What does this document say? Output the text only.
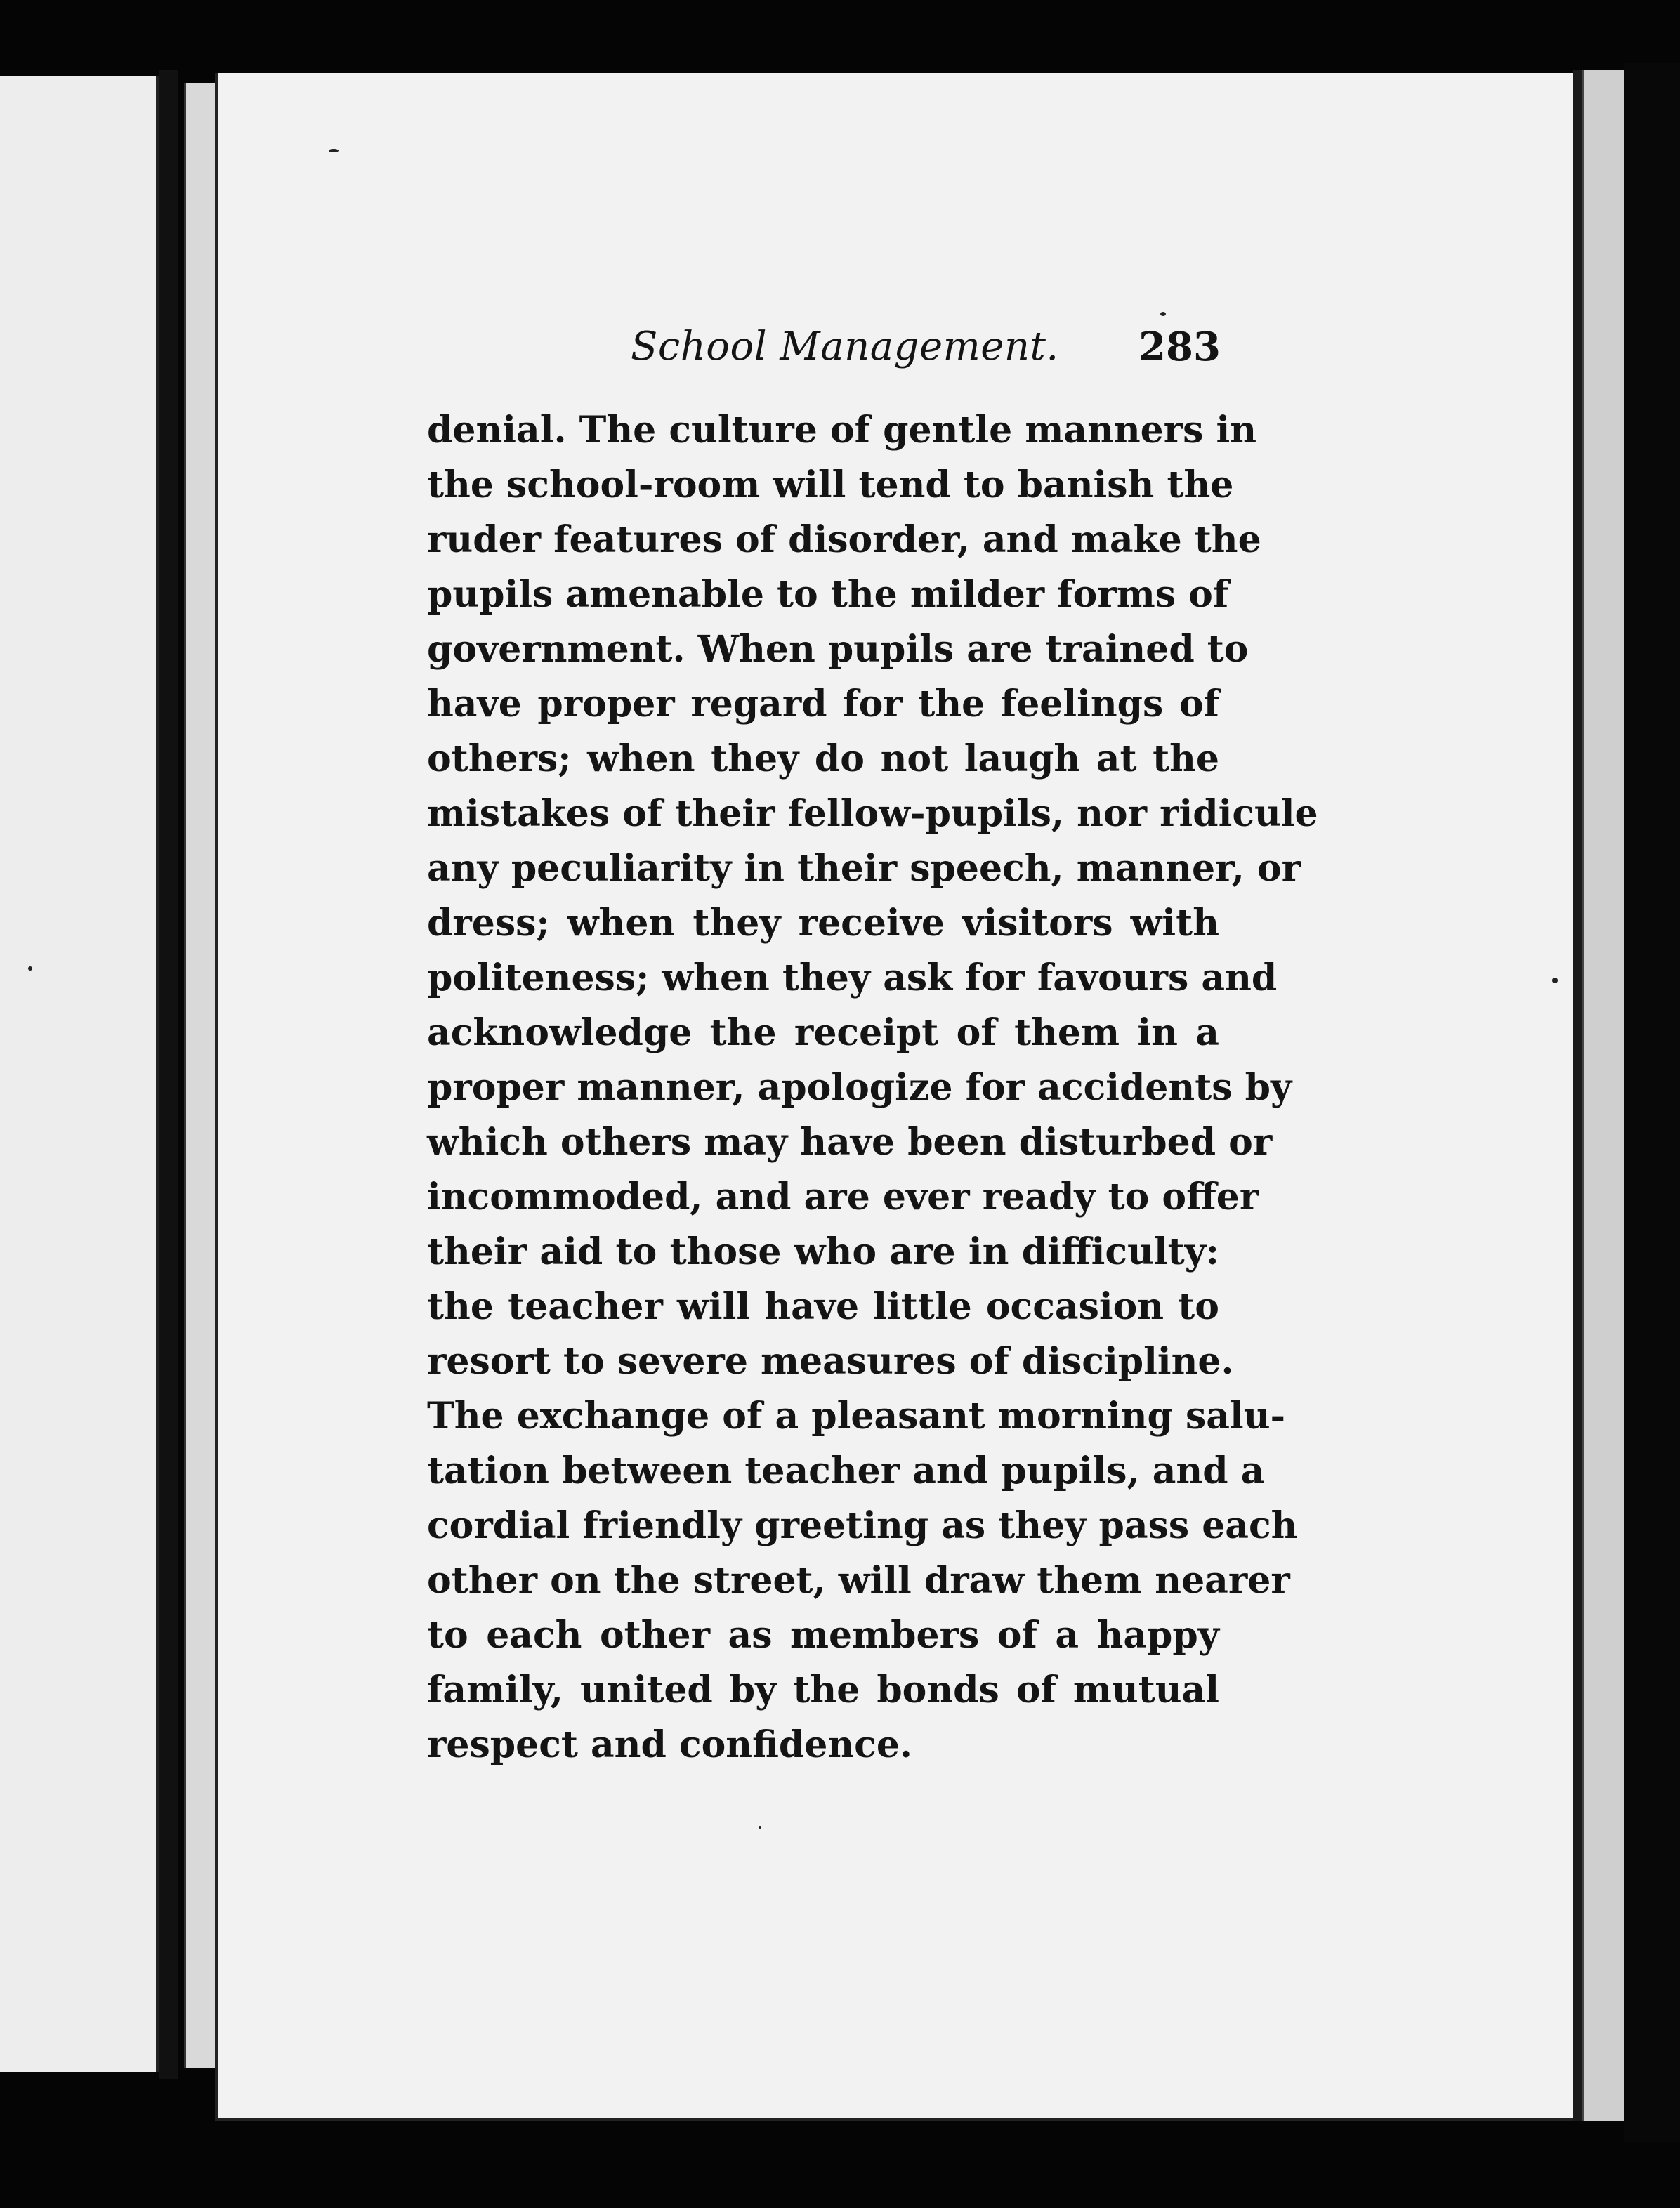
School Management. 283
denial. The culture of gentle manners in
the school-room will tend to banish the
ruder features of disorder, and make the
pupils amenable to the milder forms of
government. When pupils are trained to
have proper regard for the feelings of
others; when they do not laugh at the
mistakes of their fellow-pupils, nor ridicule
any peculiarity in their speech, manner, or
dress; when they receive visitors with
politeness; when they ask for favours and
acknowledge the receipt of them in a
proper manner, apologize for accidents by
which others may have been disturbed or
incommoded, and are ever ready to offer
their aid to those who are in difficulty:
the teacher will have little occasion to
resort to severe measures of discipline.
The exchange of a pleasant morning salu-
tation between teacher and pupils, and a
cordial friendly greeting as they pass each
other on the street, will draw them nearer
to each other as members of a happy
family, united by the bonds of mutual
respect and confidence.
